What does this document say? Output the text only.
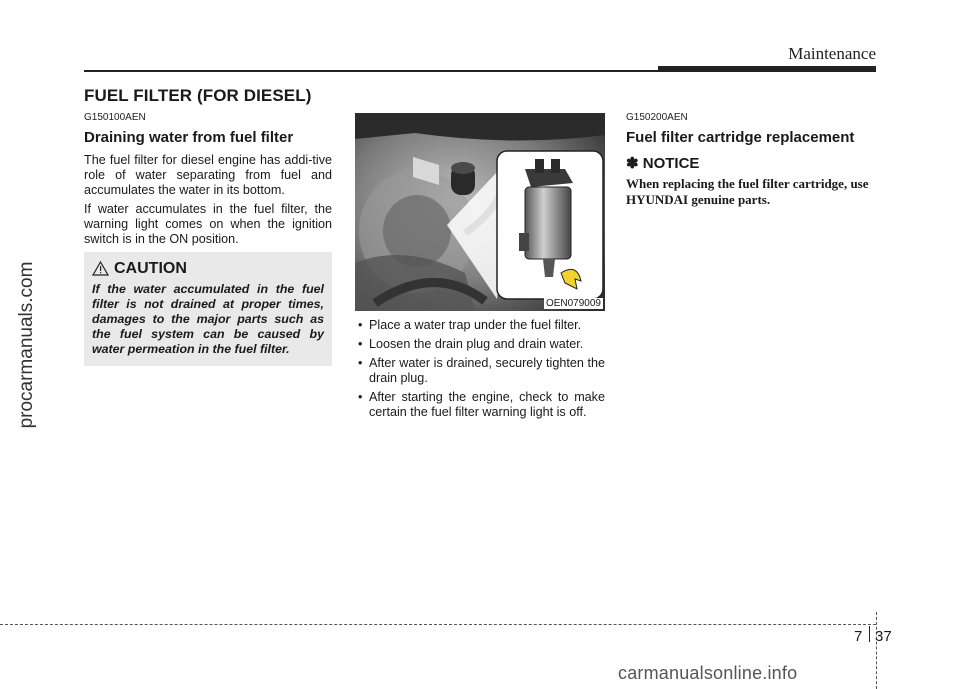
Maintenance
FUEL FILTER (FOR DIESEL)
G150100AEN
Draining water from fuel filter

The fuel filter for diesel engine has addi-tive role of water separating from fuel and accumulates the water in its bottom.

If water accumulates in the fuel filter, the warning light comes on when the ignition switch is in the ON position.

CAUTION
If the water accumulated in the fuel filter is not drained at proper times, damages to the major parts such as the fuel system can be caused by water permeation in the fuel filter.
OEN079009
• Place a water trap under the fuel filter.
• Loosen the drain plug and drain water.
• After water is drained, securely tighten the drain plug.
• After starting the engine, check to make certain the fuel filter warning light is off.
G150200AEN
Fuel filter cartridge replacement
✽ NOTICE
When replacing the fuel filter cartridge, use HYUNDAI genuine parts.
7 37
procarmanuals.com
carmanualsonline.info
